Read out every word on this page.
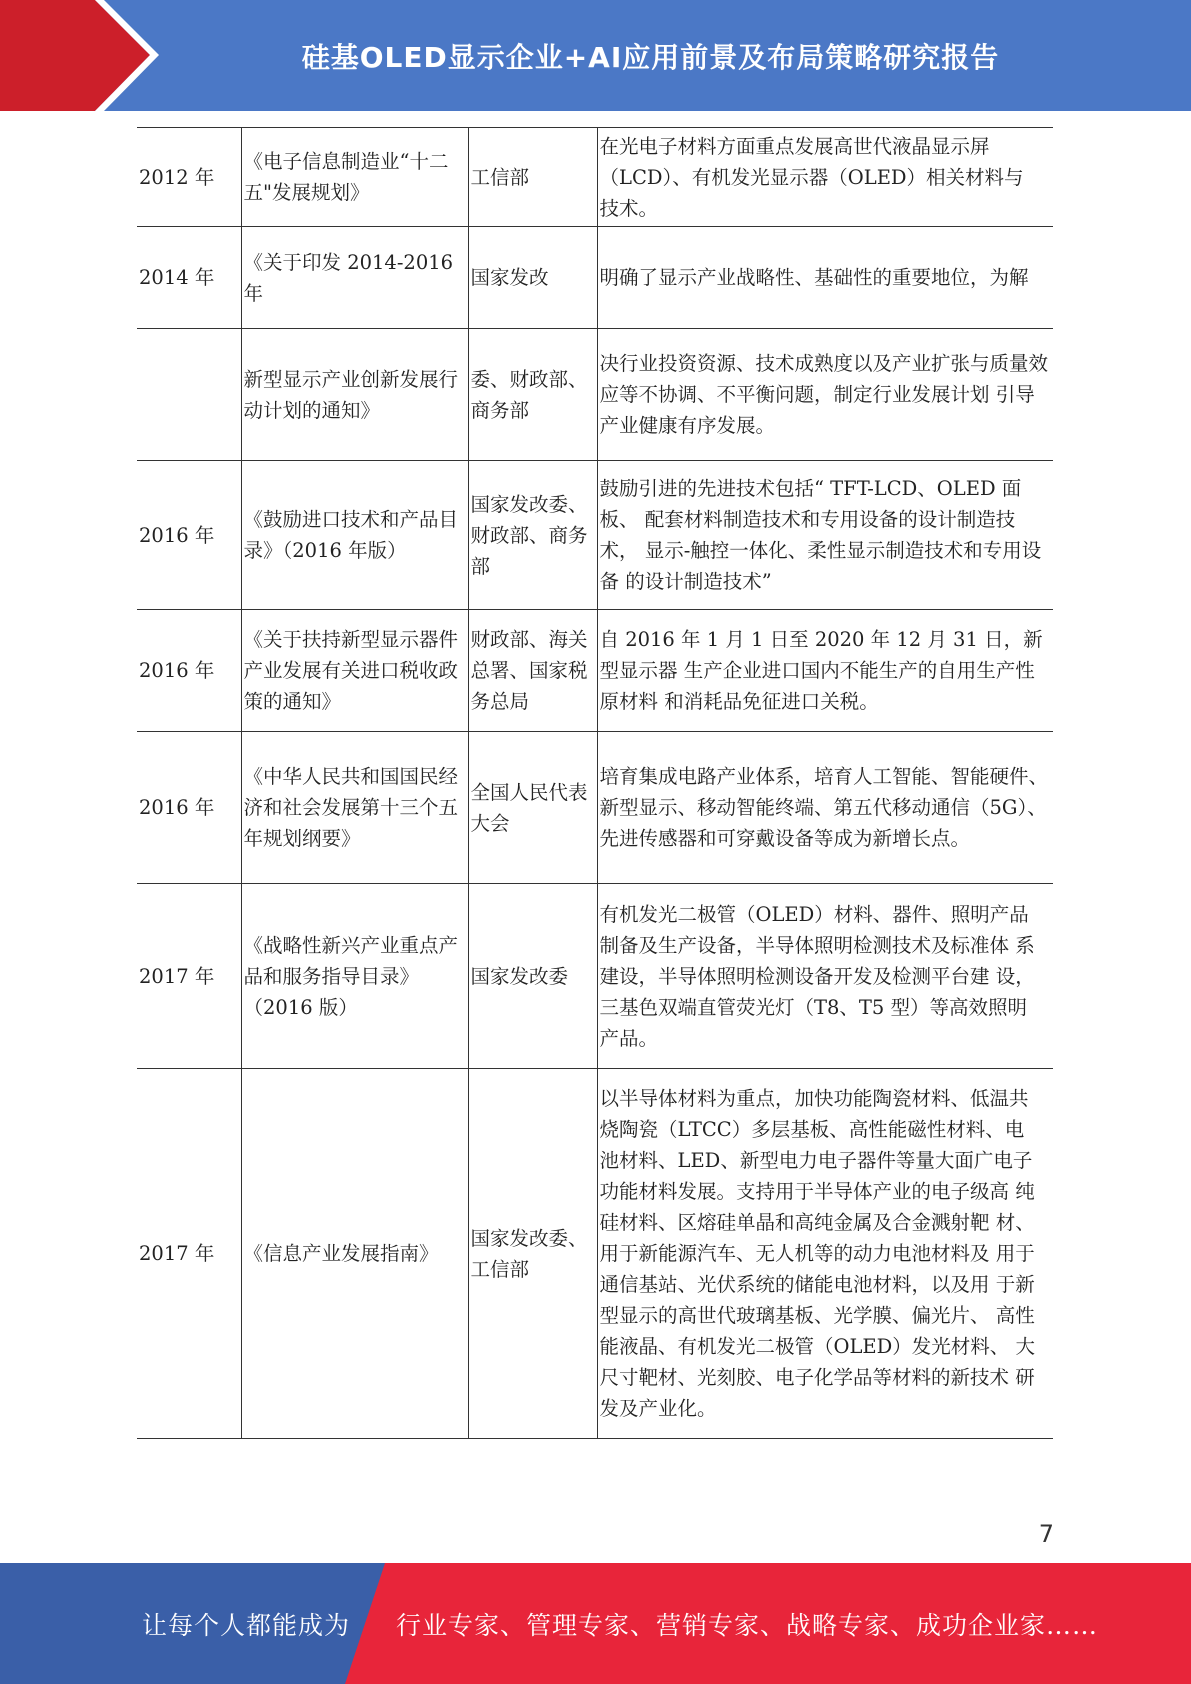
硅基OLED显示企业+AI应用前景及布局策略研究报告
2012 年	《电子信息制造业“十二五"发展规划》	工信部	在光电子材料方面重点发展高世代液晶显示屏（LCD）、有机发光显示器（OLED）相关材料与 技术。
2014 年	《关于印发 2014-2016 年	国家发改	明确了显示产业战略性、基础性的重要地位，为解
	新型显示产业创新发展行动计划的通知》	委、财政部、商务部	决行业投资资源、技术成熟度以及产业扩张与质量效应等不协调、不平衡问题，制定行业发展计划 引导产业健康有序发展。
2016 年	《鼓励进口技术和产品目录》（2016 年版）	国家发改委、财政部、商务部	鼓励引进的先进技术包括“ TFT-LCD、OLED 面板、 配套材料制造技术和专用设备的设计制造技术， 显示-触控一体化、柔性显示制造技术和专用设备 的设计制造技术”
2016 年	《关于扶持新型显示器件产业发展有关进口税收政策的通知》	财政部、海关总署、国家税务总局	自 2016 年 1 月 1 日至 2020 年 12 月 31 日，新型显示器 生产企业进口国内不能生产的自用生产性原材料 和消耗品免征进口关税。
2016 年	《中华人民共和国国民经济和社会发展第十三个五年规划纲要》	全国人民代表大会	培育集成电路产业体系，培育人工智能、智能硬件、新型显示、移动智能终端、第五代移动通信（5G）、先进传感器和可穿戴设备等成为新增长点。
2017 年	《战略性新兴产业重点产品和服务指导目录》（2016 版）	国家发改委	有机发光二极管（OLED）材料、器件、照明产品 制备及生产设备，半导体照明检测技术及标准体 系建设，半导体照明检测设备开发及检测平台建 设，三基色双端直管荧光灯（T8、T5 型）等高效照明 产品。
2017 年	《信息产业发展指南》	国家发改委、工信部	以半导体材料为重点，加快功能陶瓷材料、低温共 烧陶瓷（LTCC）多层基板、高性能磁性材料、电 池材料、LED、新型电力电子器件等量大面广电子 功能材料发展。支持用于半导体产业的电子级高 纯硅材料、区熔硅单晶和高纯金属及合金溅射靶 材、用于新能源汽车、无人机等的动力电池材料及 用于通信基站、光伏系统的储能电池材料，以及用 于新型显示的高世代玻璃基板、光学膜、偏光片、 高性能液晶、有机发光二极管（OLED）发光材料、 大尺寸靶材、光刻胶、电子化学品等材料的新技术 研发及产业化。
7
让每个人都能成为 行业专家、管理专家、营销专家、战略专家、成功企业家……
